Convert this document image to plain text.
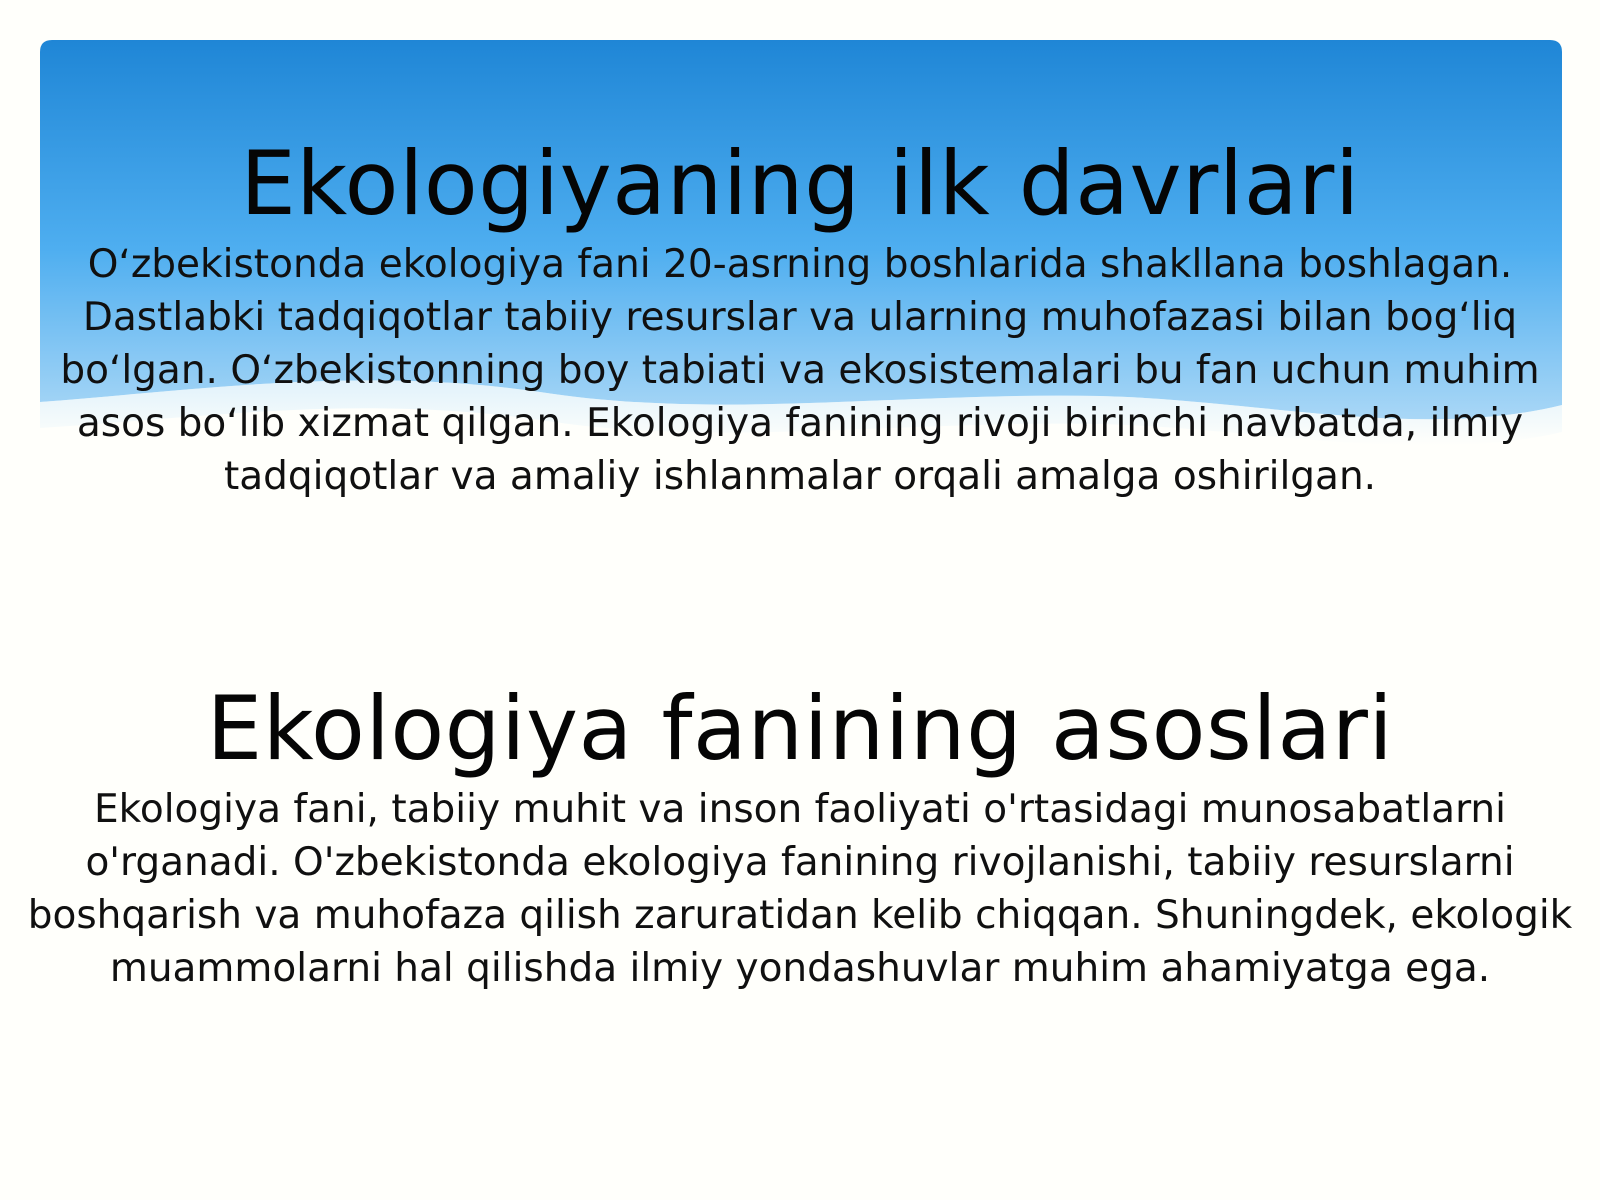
Ekologiyaning ilk davrlari

O‘zbekistonda ekologiya fani 20-asrning boshlarida shakllana boshlagan. Dastlabki tadqiqotlar tabiiy resurslar va ularning muhofazasi bilan bog‘liq bo‘lgan. O‘zbekistonning boy tabiati va ekosistemalari bu fan uchun muhim asos bo‘lib xizmat qilgan. Ekologiya fanining rivoji birinchi navbatda, ilmiy tadqiqotlar va amaliy ishlanmalar orqali amalga oshirilgan.

Ekologiya fanining asoslari

Ekologiya fani, tabiiy muhit va inson faoliyati o'rtasidagi munosabatlarni o'rganadi. O'zbekistonda ekologiya fanining rivojlanishi, tabiiy resurslarni boshqarish va muhofaza qilish zaruratidan kelib chiqqan. Shuningdek, ekologik muammolarni hal qilishda ilmiy yondashuvlar muhim ahamiyatga ega.
